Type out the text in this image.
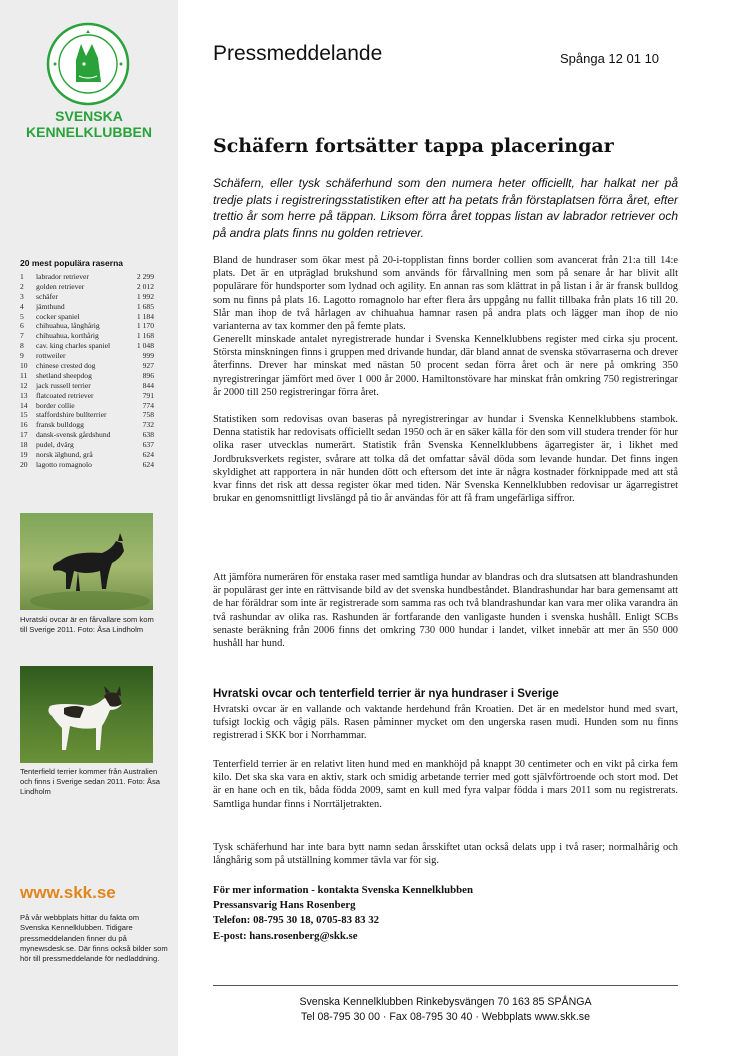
SVENSKA
KENNELKLUBBEN
20 mest populära raserna
1	labrador retriever	2 299
2	golden retriever	2 012
3	schäfer	1 992
4	jämthund	1 685
5	cocker spaniel	1 184
6	chihuahua, långhårig	1 170
7	chihuahua, korthårig	1 168
8	cav. king charles spaniel	1 048
9	rottweiler	999
10	chinese crested dog	927
11	shetland sheepdog	896
12	jack russell terrier	844
13	flatcoated retriever	791
14	border collie	774
15	staffordshire bullterrier	758
16	fransk bulldogg	732
17	dansk-svensk gårdshund	638
18	pudel, dvärg	637
19	norsk älghund, grå	624
20	lagotto romagnolo	624
Hvratski ovcar är en fårvallare som kom till Sverige 2011. Foto: Åsa Lindholm
Tenterfield terrier kommer från Australien och finns i Sverige sedan 2011. Foto: Åsa Lindholm
www.skk.se
På vår webbplats hittar du fakta om Svenska Kennelklubben. Tidigare pressmeddelanden finner du på mynewsdesk.se. Där finns också bilder som hör till pressmeddelande för nedladdning.
Pressmeddelande	Spånga 12 01 10
Schäfern fortsätter tappa placeringar
Schäfern, eller tysk schäferhund som den numera heter officiellt, har halkat ner på tredje plats i registreringsstatistiken efter att ha petats från förstaplatsen förra året, efter trettio år som herre på täppan. Liksom förra året toppas listan av labrador retriever och på andra plats finns nu golden retriever.

Bland de hundraser som ökar mest på 20-i-topplistan finns border collien som avancerat från 21:a till 14:e plats. Det är en utpräglad brukshund som används för fårvallning men som på senare år har blivit allt populärare för hundsporter som lydnad och agility. En annan ras som klättrat in på listan i år är fransk bulldog som nu finns på plats 16. Lagotto romagnolo har efter flera års uppgång nu fallit tillbaka från plats 16 till 20. Slår man ihop de två hårlagen av chihuahua hamnar rasen på andra plats och lägger man ihop de nio varianterna av tax kommer den på femte plats.

Generellt minskade antalet nyregistrerade hundar i Svenska Kennelklubbens register med cirka sju procent. Största minskningen finns i gruppen med drivande hundar, där bland annat de svenska stövarraserna och drever återfinns. Drever har minskat med nästan 50 procent sedan förra året och är nere på omkring 350 nyregistreringar jämfört med över 1 000 år 2000. Hamiltonstövare har minskat från omkring 750 registreringar år 2000 till 250 registreringar förra året.

Statistiken som redovisas ovan baseras på nyregistreringar av hundar i Svenska Kennelklubbens stambok. Denna statistik har redovisats officiellt sedan 1950 och är en säker källa för den som vill studera trender för hur olika raser utvecklas numerärt. Statistik från Svenska Kennelklubbens ägarregister är, i likhet med Jordbruksverkets register, svårare att tolka då det omfattar såväl döda som levande hundar. Det finns ingen skyldighet att rapportera in när hunden dött och eftersom det inte är några kostnader förknippade med att stå kvar finns det risk att dessa register ökar med tiden. När Svenska Kennelklubben redovisar ur ägarregistret brukar en genomsnittligt livslängd på tio år användas för att få fram ungefärliga siffror.

Att jämföra numerären för enstaka raser med samtliga hundar av blandras och dra slutsatsen att blandrashunden är populärast ger inte en rättvisande bild av det svenska hundbeståndet. Blandrashundar har bara gemensamt att de har föräldrar som inte är registrerade som samma ras och två blandrashundar kan vara mer olika varandra än två rashundar av olika ras. Rashunden är fortfarande den vanligaste hunden i svenska hushåll. Enligt SCBs senaste beräkning från 2006 finns det omkring 730 000 hundar i landet, vilket innebär att mer än 550 000 hushåll har hund.

Hvratski ovcar och tenterfield terrier är nya hundraser i Sverige

Hvratski ovcar är en vallande och vaktande herdehund från Kroatien. Det är en medelstor hund med svart, tufsigt lockig och vågig päls. Rasen påminner mycket om den ungerska rasen mudi. Hunden som nu finns registrerad i SKK bor i Norrhammar.

Tenterfield terrier är en relativt liten hund med en mankhöjd på knappt 30 centimeter och en vikt på cirka fem kilo. Det ska ska vara en aktiv, stark och smidig arbetande terrier med gott självförtroende och stort mod. Det är en hane och en tik, båda födda 2009, samt en kull med fyra valpar födda i mars 2011 som nu registrerats. Samtliga hundar finns i Norrtäljetrakten.

Tysk schäferhund har inte bara bytt namn sedan årsskiftet utan också delats upp i två raser; normalhårig och långhårig som på utställning kommer tävla var för sig.

För mer information - kontakta Svenska Kennelklubben
Pressansvarig Hans Rosenberg
Telefon: 08-795 30 18, 0705-83 83 32
E-post: hans.rosenberg@skk.se
Svenska Kennelklubben Rinkebysvängen 70 163 85 SPÅNGA
Tel 08-795 30 00 · Fax 08-795 30 40 · Webbplats www.skk.se
